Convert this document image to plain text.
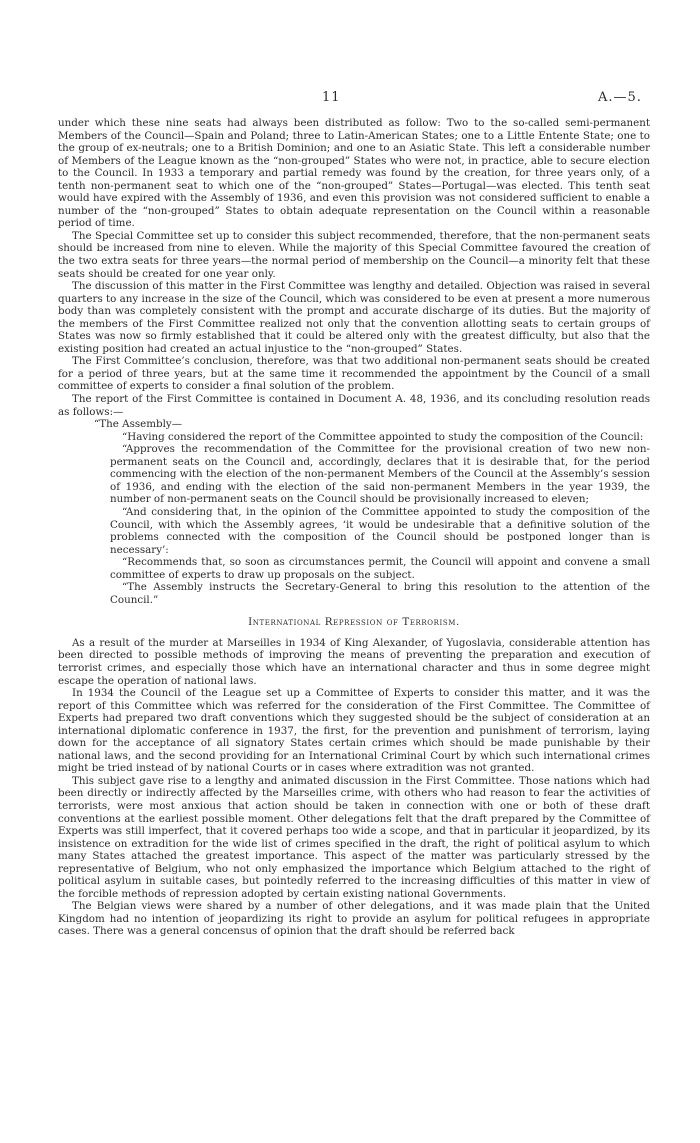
11	A.—5.

under which these nine seats had always been distributed as follow: Two to the so-called semi-permanent Members of the Council—Spain and Poland; three to Latin-American States; one to a Little Entente State; one to the group of ex-neutrals; one to a British Dominion; and one to an Asiatic State. This left a considerable number of Members of the League known as the “non-grouped” States who were not, in practice, able to secure election to the Council. In 1933 a temporary and partial remedy was found by the creation, for three years only, of a tenth non-permanent seat to which one of the “non-grouped” States—Portugal—was elected. This tenth seat would have expired with the Assembly of 1936, and even this provision was not considered sufficient to enable a number of the “non-grouped” States to obtain adequate representation on the Council within a reasonable period of time.

The Special Committee set up to consider this subject recommended, therefore, that the non-permanent seats should be increased from nine to eleven. While the majority of this Special Committee favoured the creation of the two extra seats for three years—the normal period of membership on the Council—a minority felt that these seats should be created for one year only.

The discussion of this matter in the First Committee was lengthy and detailed. Objection was raised in several quarters to any increase in the size of the Council, which was considered to be even at present a more numerous body than was completely consistent with the prompt and accurate discharge of its duties. But the majority of the members of the First Committee realized not only that the convention allotting seats to certain groups of States was now so firmly established that it could be altered only with the greatest difficulty, but also that the existing position had created an actual injustice to the “non-grouped” States.

The First Committee’s conclusion, therefore, was that two additional non-permanent seats should be created for a period of three years, but at the same time it recommended the appointment by the Council of a small committee of experts to consider a final solution of the problem.

The report of the First Committee is contained in Document A. 48, 1936, and its concluding resolution reads as follows:—

“The Assembly—

“Having considered the report of the Committee appointed to study the composition of the Council:

“Approves the recommendation of the Committee for the provisional creation of two new non-permanent seats on the Council and, accordingly, declares that it is desirable that, for the period commencing with the election of the non-permanent Members of the Council at the Assembly’s session of 1936, and ending with the election of the said non-permanent Members in the year 1939, the number of non-permanent seats on the Council should be provisionally increased to eleven;

“And considering that, in the opinion of the Committee appointed to study the composition of the Council, with which the Assembly agrees, ‘it would be undesirable that a definitive solution of the problems connected with the composition of the Council should be postponed longer than is necessary’:

“Recommends that, so soon as circumstances permit, the Council will appoint and convene a small committee of experts to draw up proposals on the subject.

“The Assembly instructs the Secretary-General to bring this resolution to the attention of the Council.”

International Repression of Terrorism.

As a result of the murder at Marseilles in 1934 of King Alexander, of Yugoslavia, considerable attention has been directed to possible methods of improving the means of preventing the preparation and execution of terrorist crimes, and especially those which have an international character and thus in some degree might escape the operation of national laws.

In 1934 the Council of the League set up a Committee of Experts to consider this matter, and it was the report of this Committee which was referred for the consideration of the First Committee. The Committee of Experts had prepared two draft conventions which they suggested should be the subject of consideration at an international diplomatic conference in 1937, the first, for the prevention and punishment of terrorism, laying down for the acceptance of all signatory States certain crimes which should be made punishable by their national laws, and the second providing for an International Criminal Court by which such international crimes might be tried instead of by national Courts or in cases where extradition was not granted.

This subject gave rise to a lengthy and animated discussion in the First Committee. Those nations which had been directly or indirectly affected by the Marseilles crime, with others who had reason to fear the activities of terrorists, were most anxious that action should be taken in connection with one or both of these draft conventions at the earliest possible moment. Other delegations felt that the draft prepared by the Committee of Experts was still imperfect, that it covered perhaps too wide a scope, and that in particular it jeopardized, by its insistence on extradition for the wide list of crimes specified in the draft, the right of political asylum to which many States attached the greatest importance. This aspect of the matter was particularly stressed by the representative of Belgium, who not only emphasized the importance which Belgium attached to the right of political asylum in suitable cases, but pointedly referred to the increasing difficulties of this matter in view of the forcible methods of repression adopted by certain existing national Governments.

The Belgian views were shared by a number of other delegations, and it was made plain that the United Kingdom had no intention of jeopardizing its right to provide an asylum for political refugees in appropriate cases. There was a general concensus of opinion that the draft should be referred back
